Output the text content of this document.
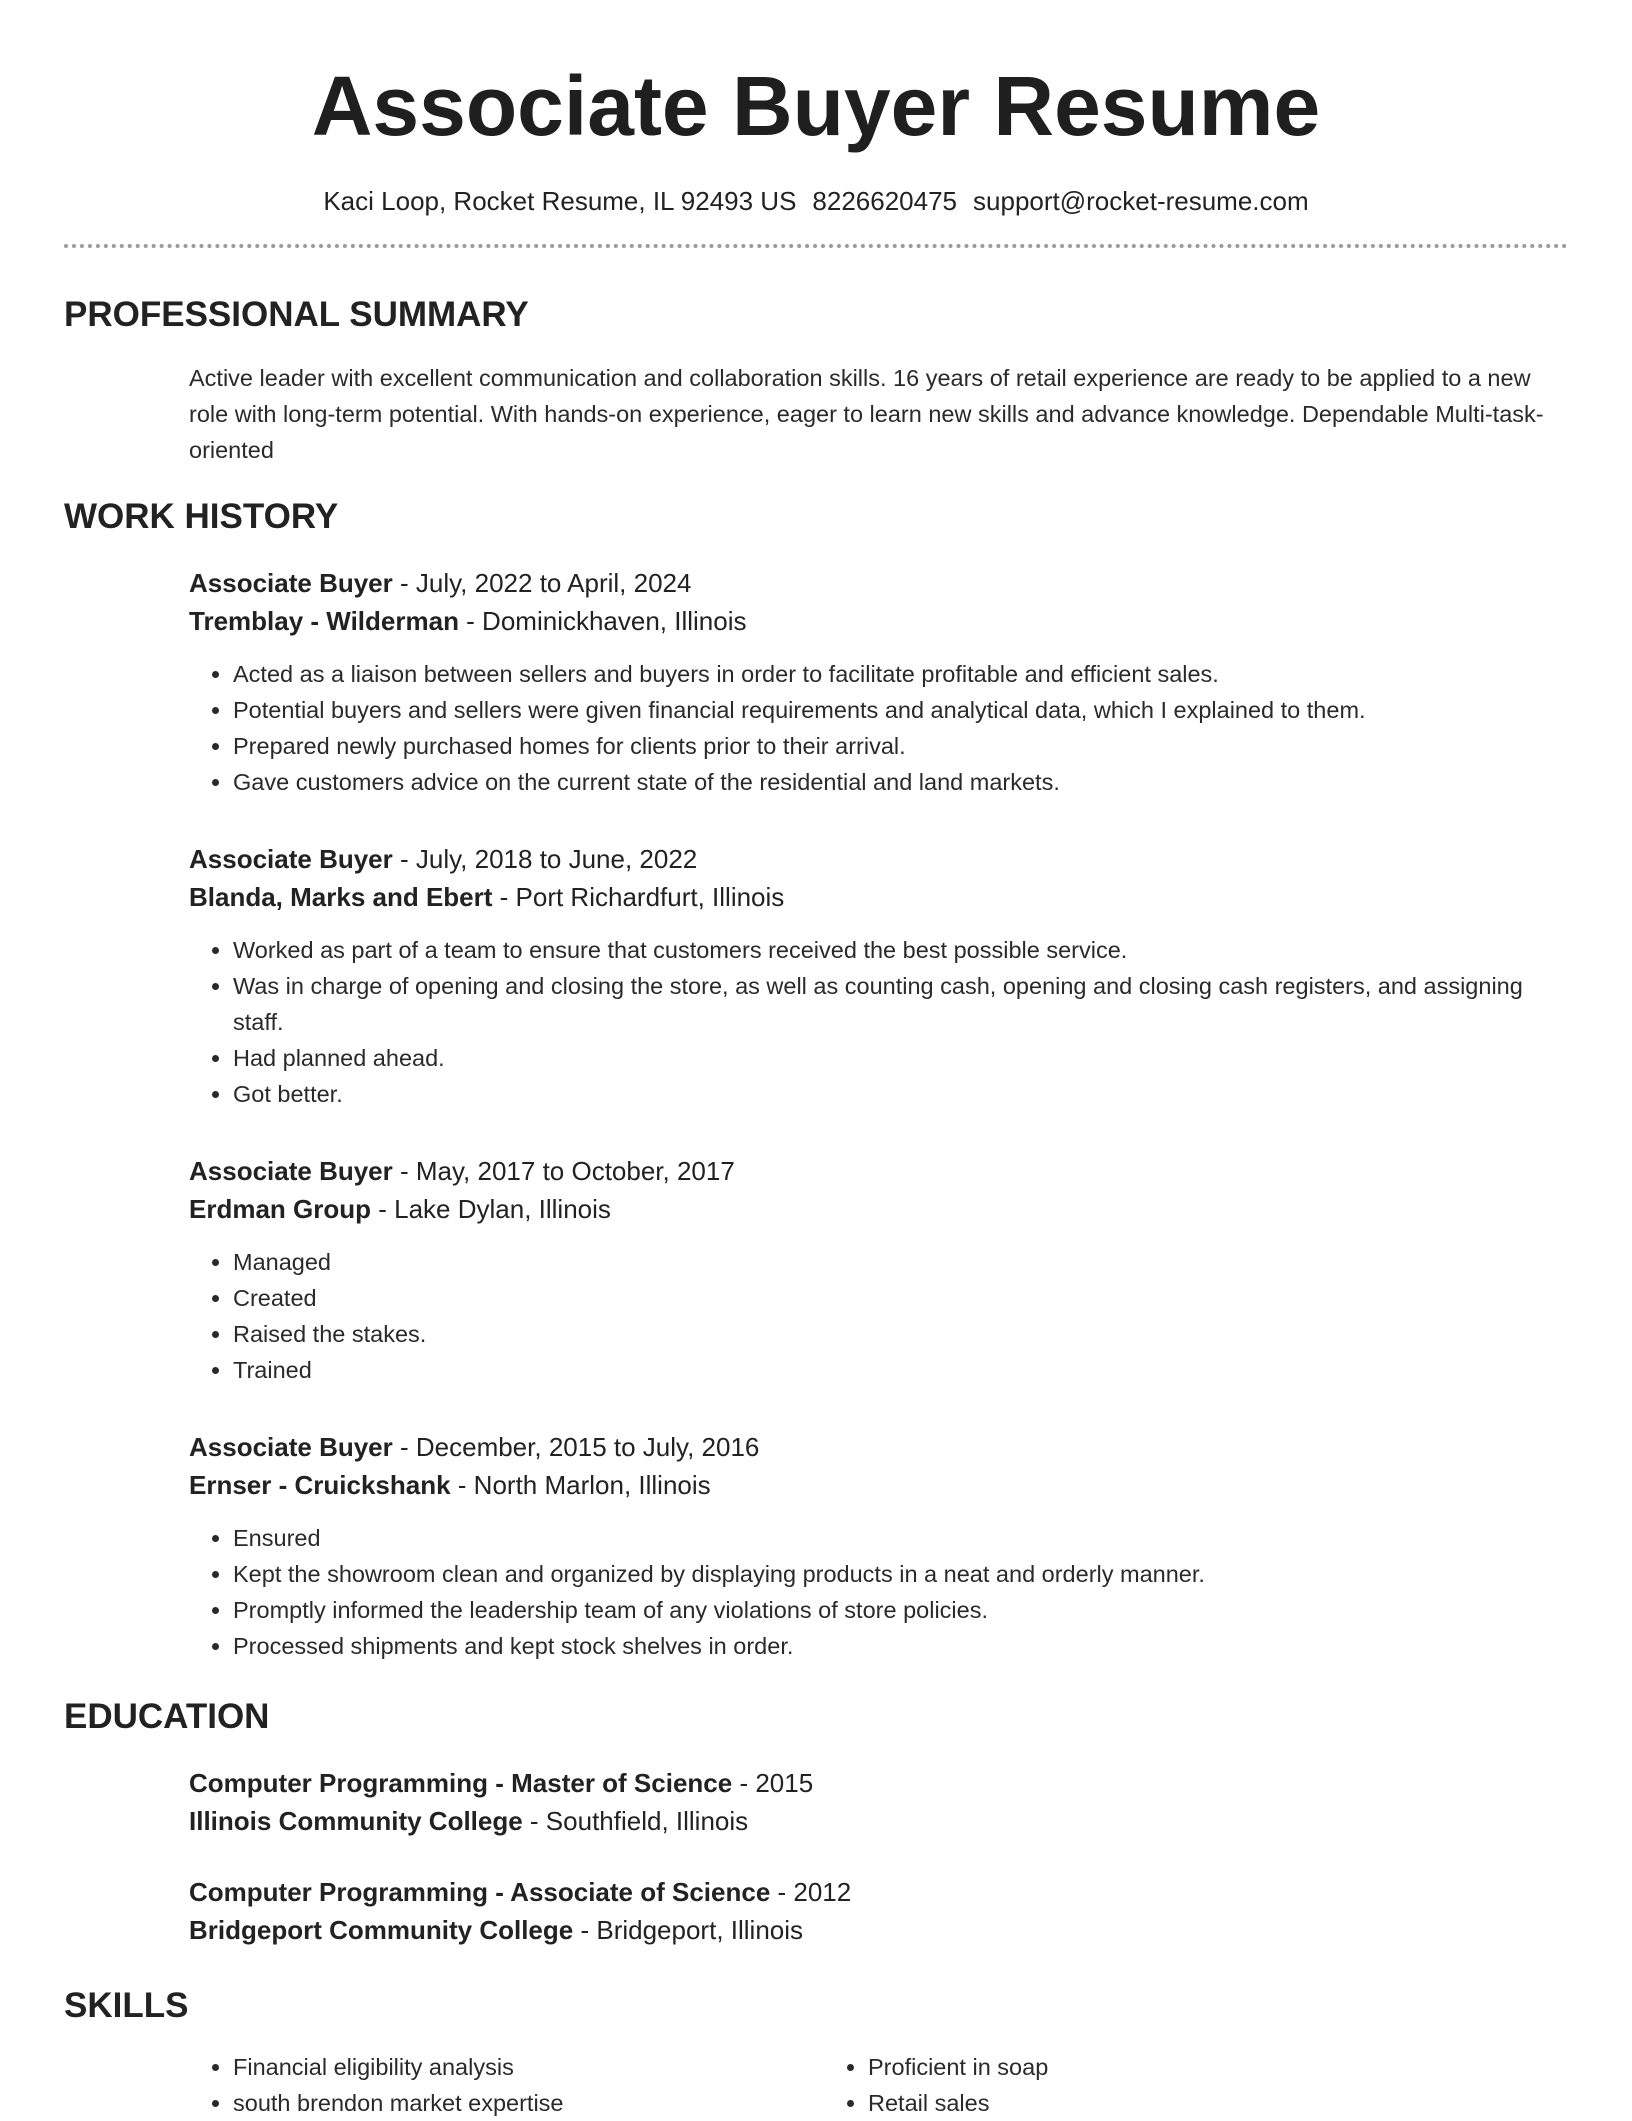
Associate Buyer Resume
Kaci Loop, Rocket Resume, IL 92493 US 8226620475 support@rocket-resume.com
PROFESSIONAL SUMMARY
Active leader with excellent communication and collaboration skills. 16 years of retail experience are ready to be applied to a new role with long-term potential. With hands-on experience, eager to learn new skills and advance knowledge. Dependable Multi-task-oriented
WORK HISTORY
Associate Buyer - July, 2022 to April, 2024
Tremblay - Wilderman - Dominickhaven, Illinois
• Acted as a liaison between sellers and buyers in order to facilitate profitable and efficient sales.
• Potential buyers and sellers were given financial requirements and analytical data, which I explained to them.
• Prepared newly purchased homes for clients prior to their arrival.
• Gave customers advice on the current state of the residential and land markets.
Associate Buyer - July, 2018 to June, 2022
Blanda, Marks and Ebert - Port Richardfurt, Illinois
• Worked as part of a team to ensure that customers received the best possible service.
• Was in charge of opening and closing the store, as well as counting cash, opening and closing cash registers, and assigning staff.
• Had planned ahead.
• Got better.
Associate Buyer - May, 2017 to October, 2017
Erdman Group - Lake Dylan, Illinois
• Managed
• Created
• Raised the stakes.
• Trained
Associate Buyer - December, 2015 to July, 2016
Ernser - Cruickshank - North Marlon, Illinois
• Ensured
• Kept the showroom clean and organized by displaying products in a neat and orderly manner.
• Promptly informed the leadership team of any violations of store policies.
• Processed shipments and kept stock shelves in order.
EDUCATION
Computer Programming - Master of Science - 2015
Illinois Community College - Southfield, Illinois
Computer Programming - Associate of Science - 2012
Bridgeport Community College - Bridgeport, Illinois
SKILLS
• Financial eligibility analysis
• south brendon market expertise
• Proficient in soap
• Retail sales
